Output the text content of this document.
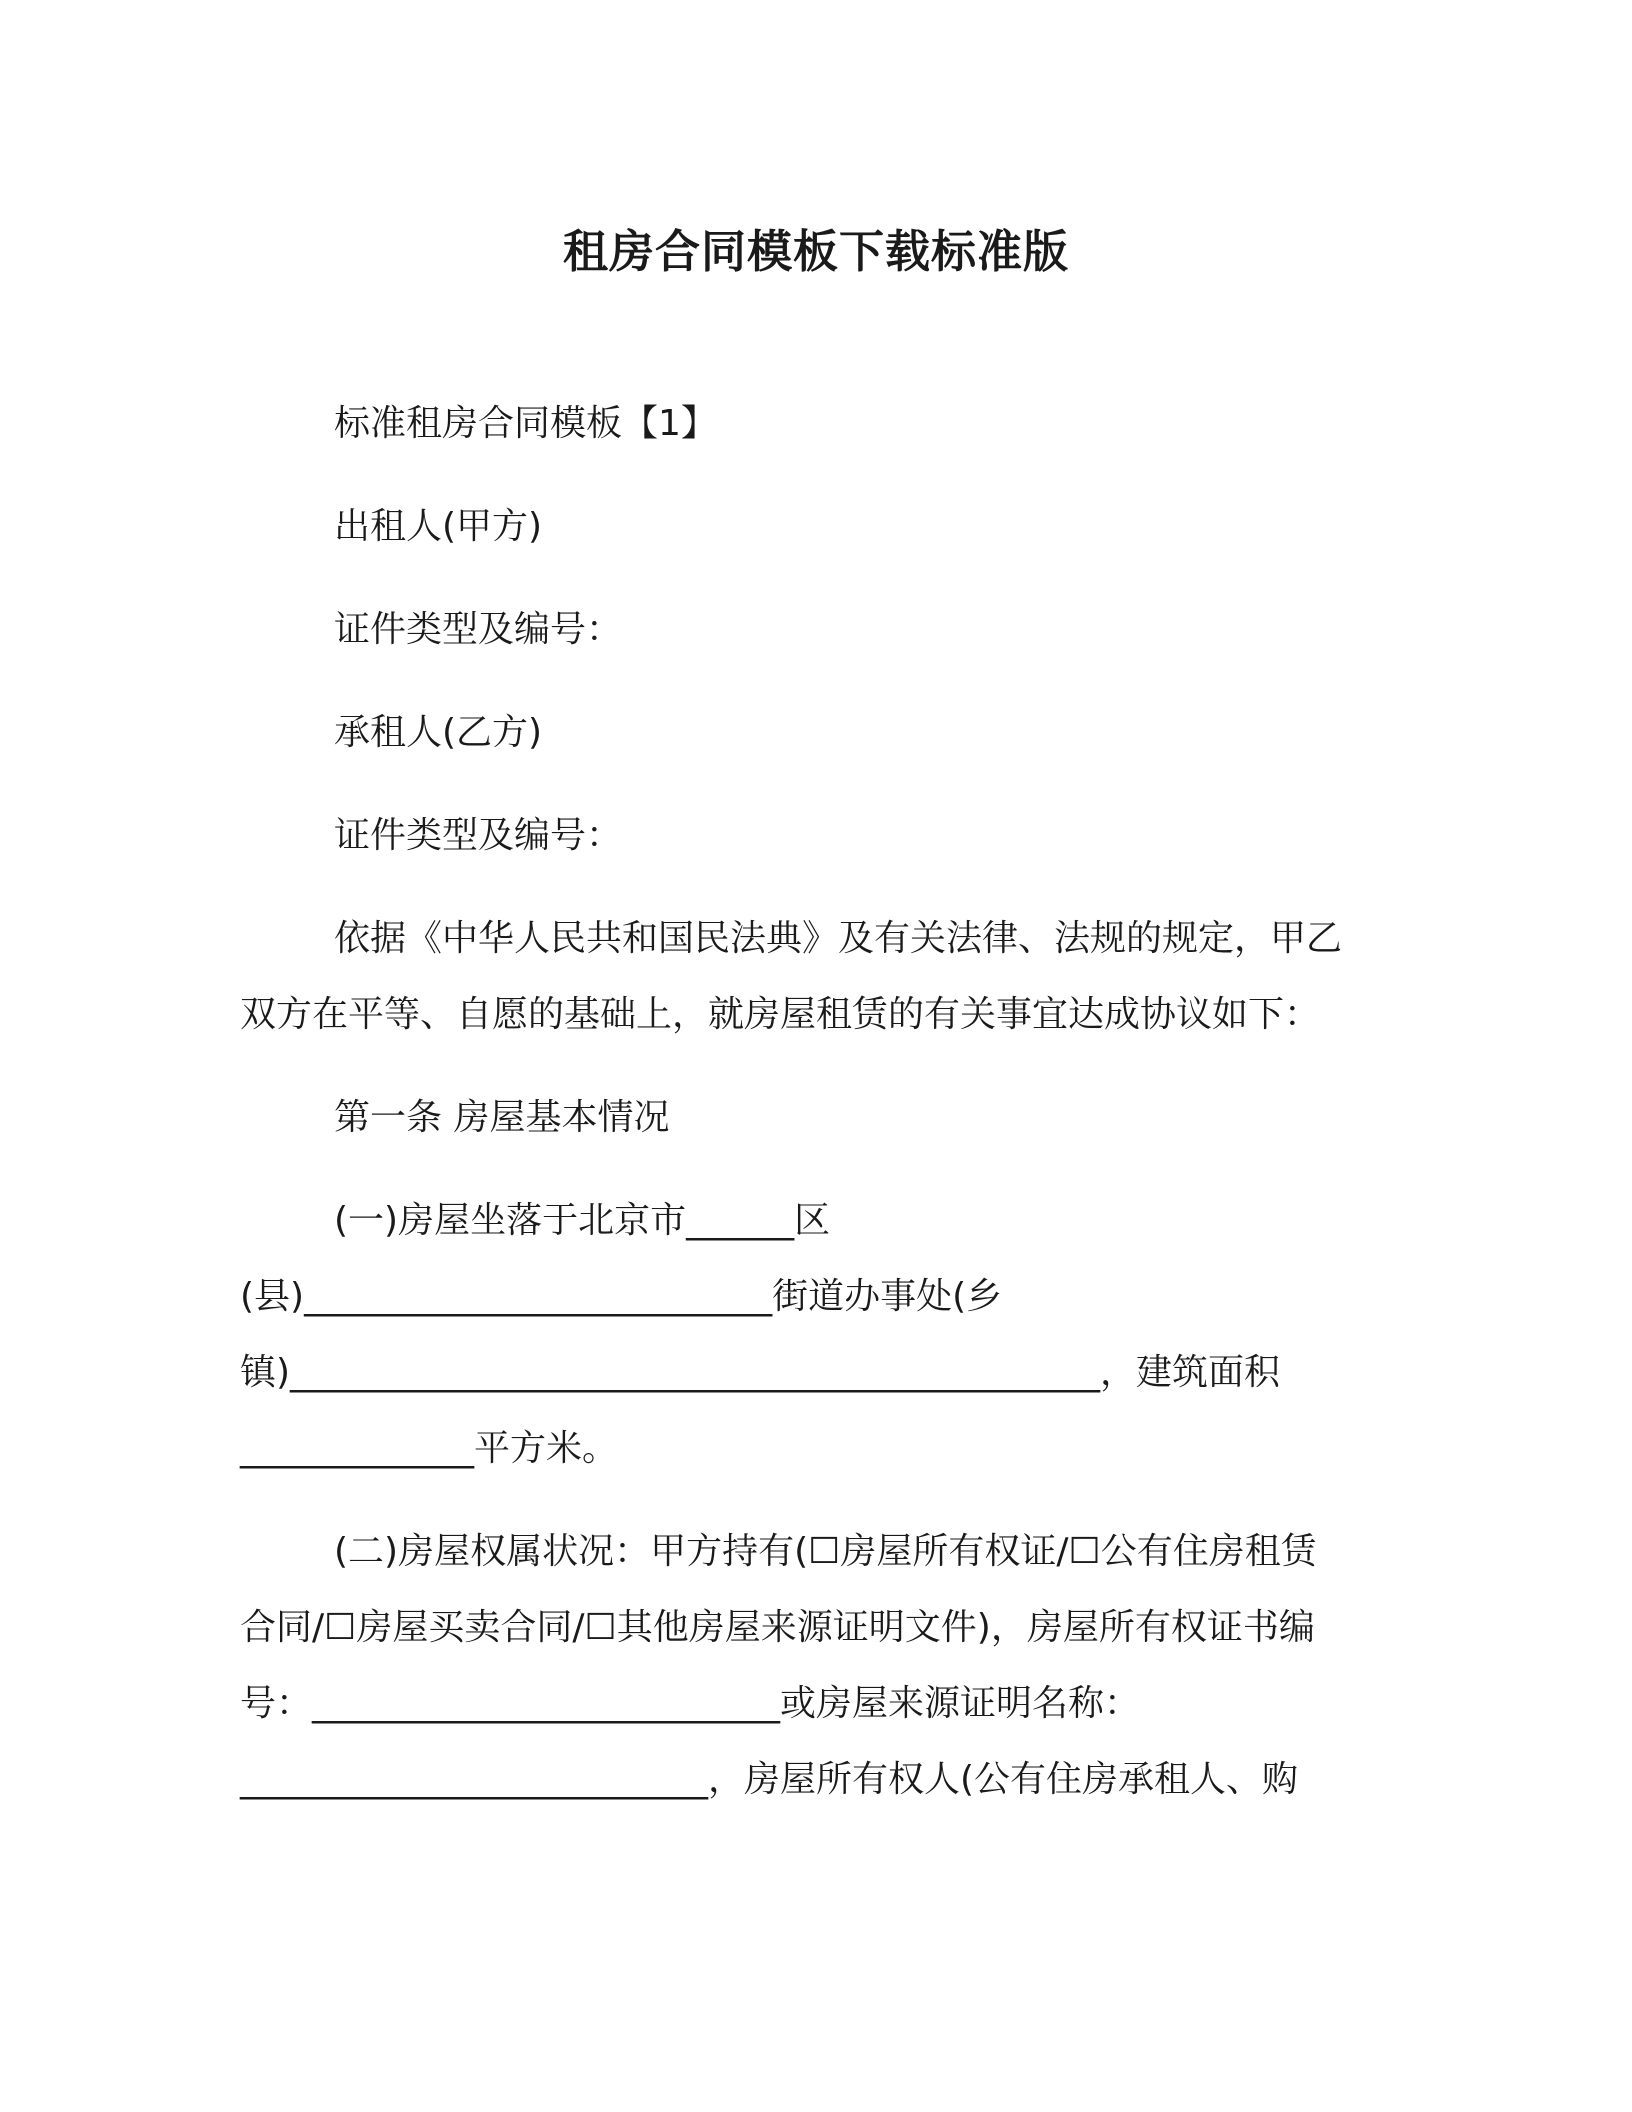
租房合同模板下载标准版
标准租房合同模板【1】
出租人(甲方)
证件类型及编号：
承租人(乙方)
证件类型及编号：
依据《中华人民共和国民法典》及有关法律、法规的规定，甲乙
双方在平等、自愿的基础上，就房屋租赁的有关事宜达成协议如下：
第一条 房屋基本情况
(一)房屋坐落于北京市______区
(县)__________________________街道办事处(乡
镇)_____________________________________________，建筑面积
_____________平方米。
(二)房屋权属状况：甲方持有(☐房屋所有权证/☐公有住房租赁
合同/☐房屋买卖合同/☐其他房屋来源证明文件)，房屋所有权证书编
号：__________________________或房屋来源证明名称：
__________________________，房屋所有权人(公有住房承租人、购
